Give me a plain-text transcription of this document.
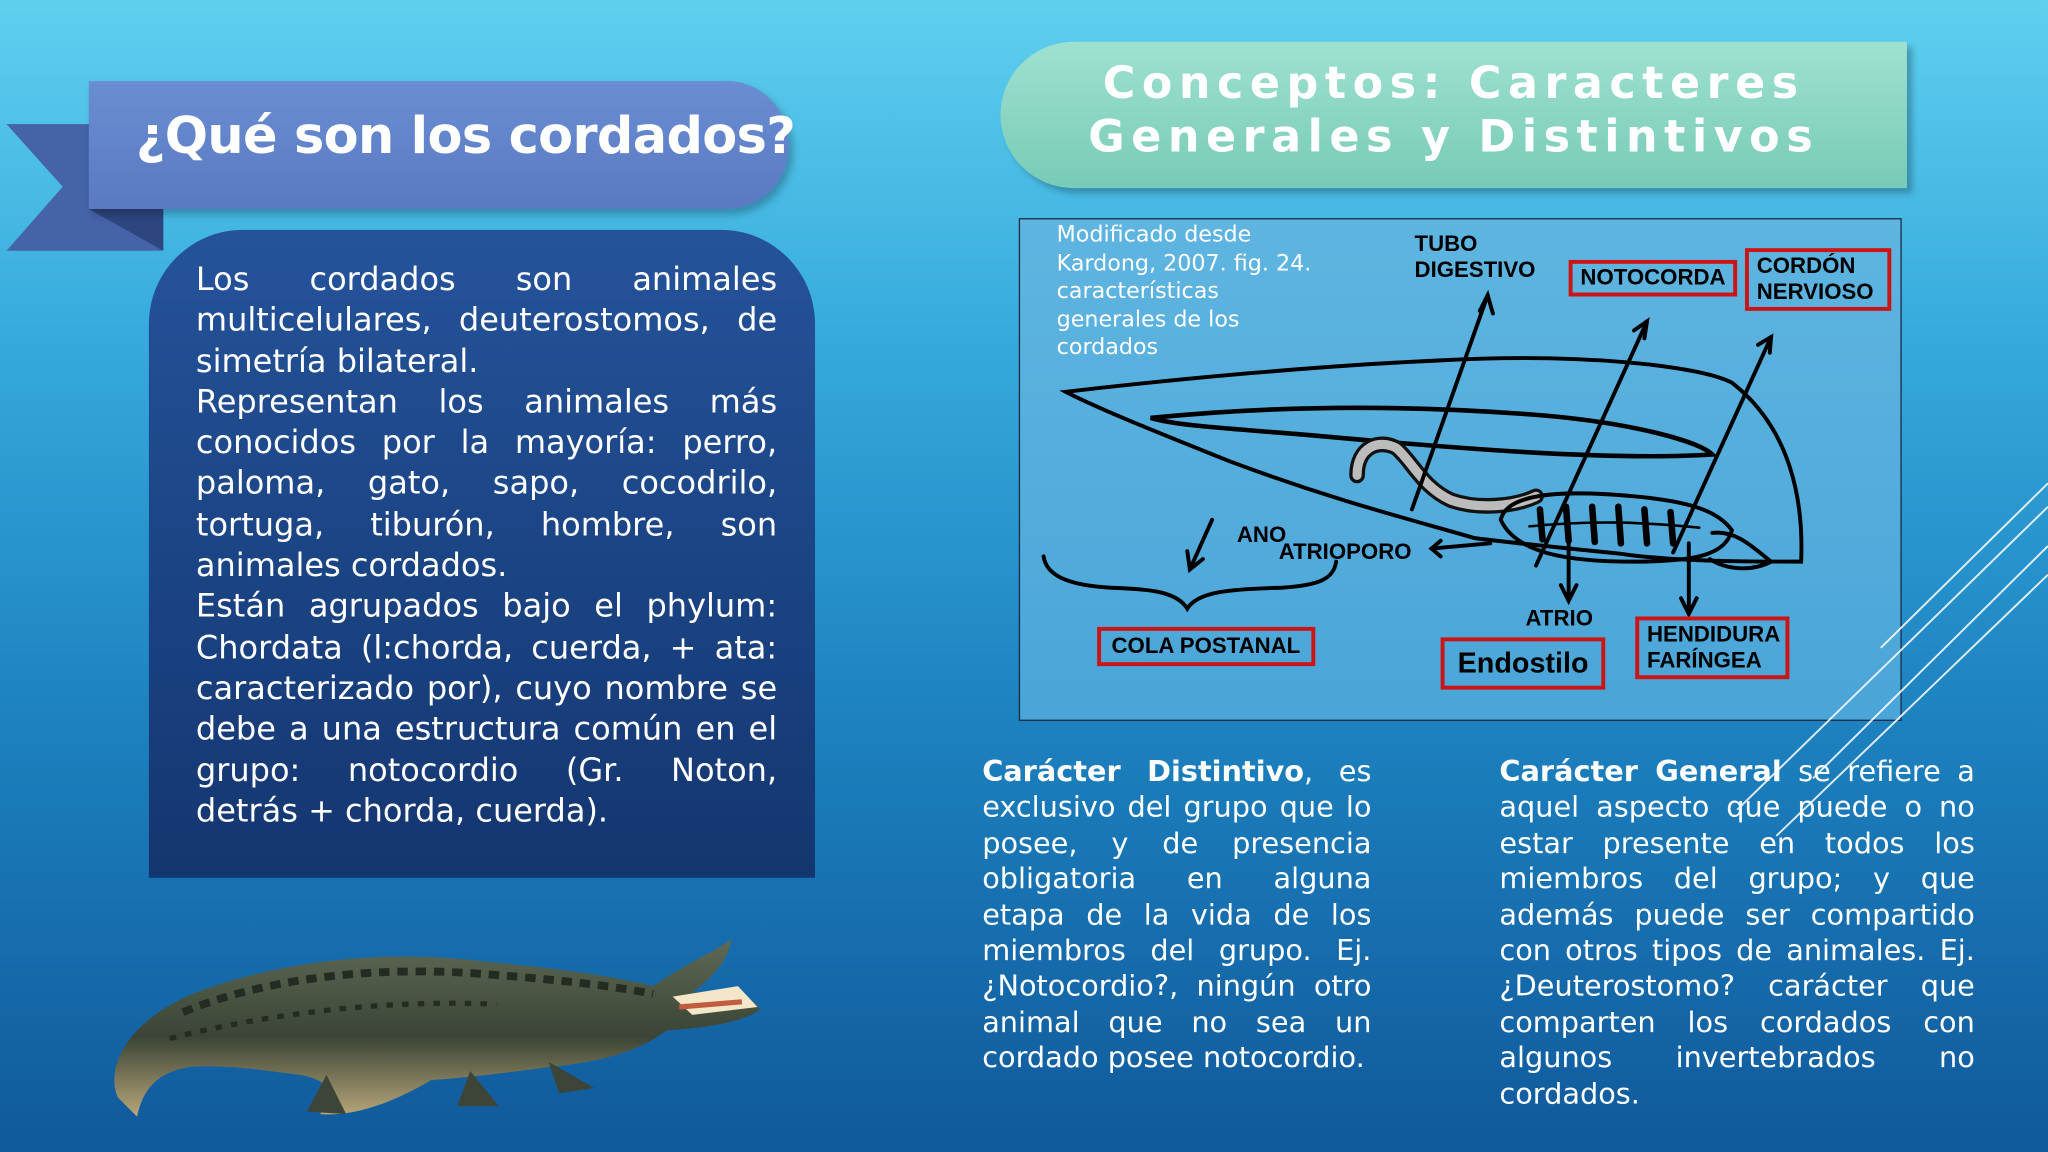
¿Qué son los cordados?

Los cordados son animales multicelulares, deuterostomos, de simetría bilateral.

Representan los animales más conocidos por la mayoría: perro, paloma, gato, sapo, cocodrilo, tortuga, tiburón, hombre, son animales cordados.

Están agrupados bajo el phylum: Chordata (l:chorda, cuerda, + ata: caracterizado por), cuyo nombre se debe a una estructura común en el grupo: notocordio (Gr. Noton, detrás + chorda, cuerda).

Conceptos: Caracteres
Generales y Distintivos
Modificado desde Kardong, 2007. fig. 24. características generales de los cordados
TUBO DIGESTIVO	NOTOCORDA	CORDÓN NERVIOSO
ANO
ATRIOPORO
ATRIO
COLA POSTANAL
Endostilo
HENDIDURA FARÍNGEA

Carácter Distintivo, es exclusivo del grupo que lo posee, y de presencia obligatoria en alguna etapa de la vida de los miembros del grupo. Ej. ¿Notocordio?, ningún otro animal que no sea un cordado posee notocordio.

Carácter General se refiere a aquel aspecto que puede o no estar presente en todos los miembros del grupo; y que además puede ser compartido con otros tipos de animales. Ej. ¿Deuterostomo? carácter que comparten los cordados con algunos invertebrados no cordados.
